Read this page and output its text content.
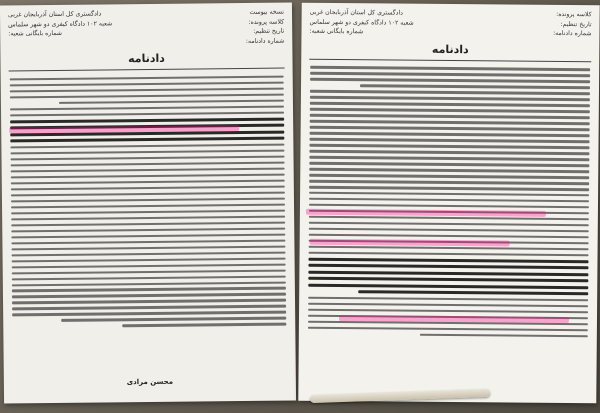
نسخه بیوست
کلاسه پرونده:
تاریخ تنظیم:
شماره دادنامه:
دادگستری کل استان آذربایجان غربی
شعبه ۱۰۲ دادگاه کیفری دو شهر سلماس
شماره بایگانی شعبه:
دادنامه
محسن مرادی
کلاسه پرونده:
تاریخ تنظیم:
شماره دادنامه:
دادگستری کل استان آذربایجان غربی
شعبه ۱۰۲ دادگاه کیفری دو شهر سلماس
شماره بایگانی شعبه:
دادنامه
